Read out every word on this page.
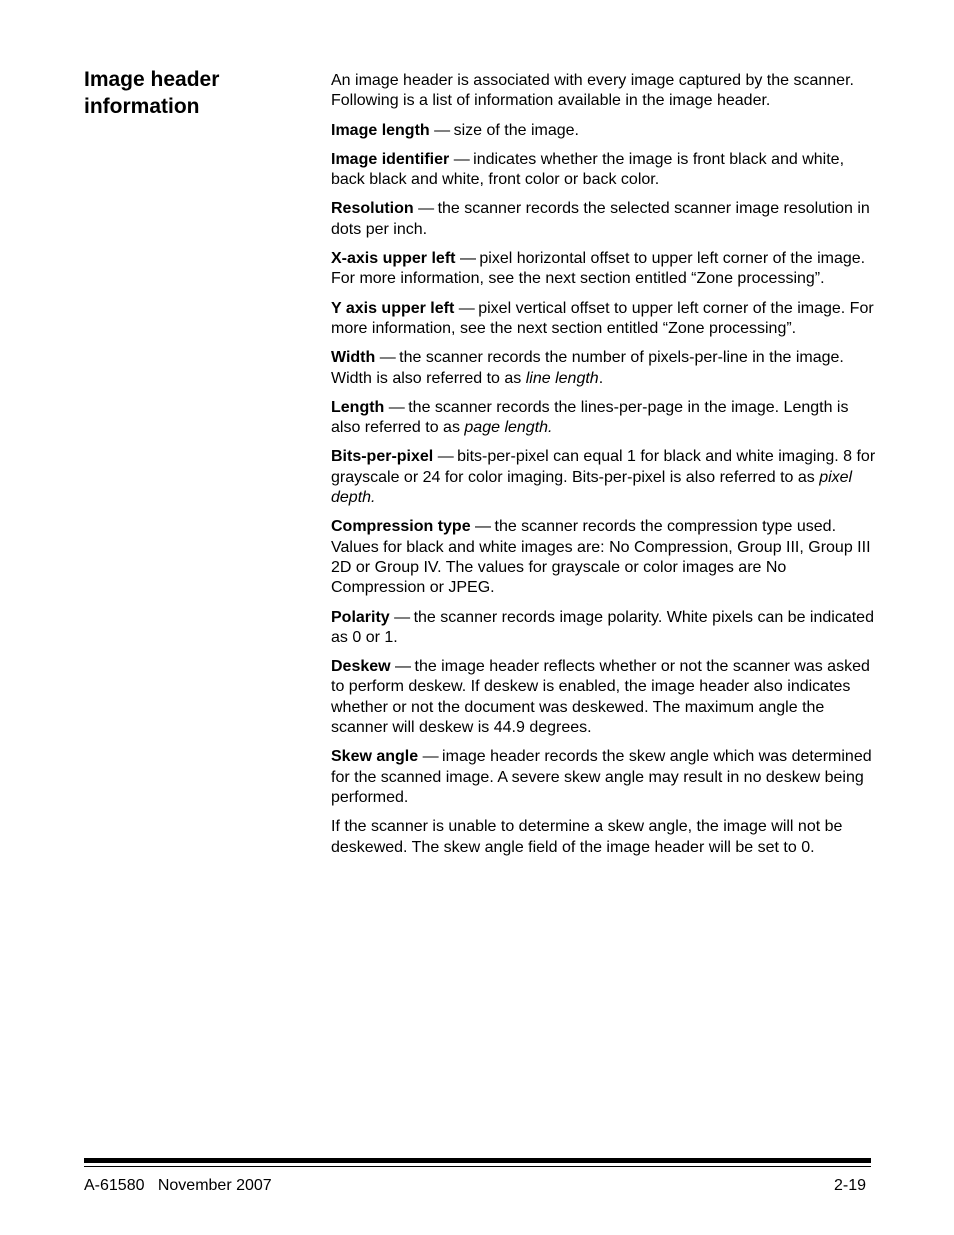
Image header information

An image header is associated with every image captured by the scanner. Following is a list of information available in the image header.

Image length — size of the image.

Image identifier — indicates whether the image is front black and white, back black and white, front color or back color.

Resolution — the scanner records the selected scanner image resolution in dots per inch.

X-axis upper left — pixel horizontal offset to upper left corner of the image. For more information, see the next section entitled “Zone processing”.

Y axis upper left — pixel vertical offset to upper left corner of the image. For more information, see the next section entitled “Zone processing”.

Width — the scanner records the number of pixels-per-line in the image. Width is also referred to as line length.

Length — the scanner records the lines-per-page in the image. Length is also referred to as page length.

Bits-per-pixel — bits-per-pixel can equal 1 for black and white imaging. 8 for grayscale or 24 for color imaging. Bits-per-pixel is also referred to as pixel depth.

Compression type — the scanner records the compression type used. Values for black and white images are: No Compression, Group III, Group III 2D or Group IV. The values for grayscale or color images are No Compression or JPEG.

Polarity — the scanner records image polarity. White pixels can be indicated as 0 or 1.

Deskew — the image header reflects whether or not the scanner was asked to perform deskew. If deskew is enabled, the image header also indicates whether or not the document was deskewed. The maximum angle the scanner will deskew is 44.9 degrees.

Skew angle — image header records the skew angle which was determined for the scanned image. A severe skew angle may result in no deskew being performed.

If the scanner is unable to determine a skew angle, the image will not be deskewed. The skew angle field of the image header will be set to 0.

A-61580 November 2007	2-19
